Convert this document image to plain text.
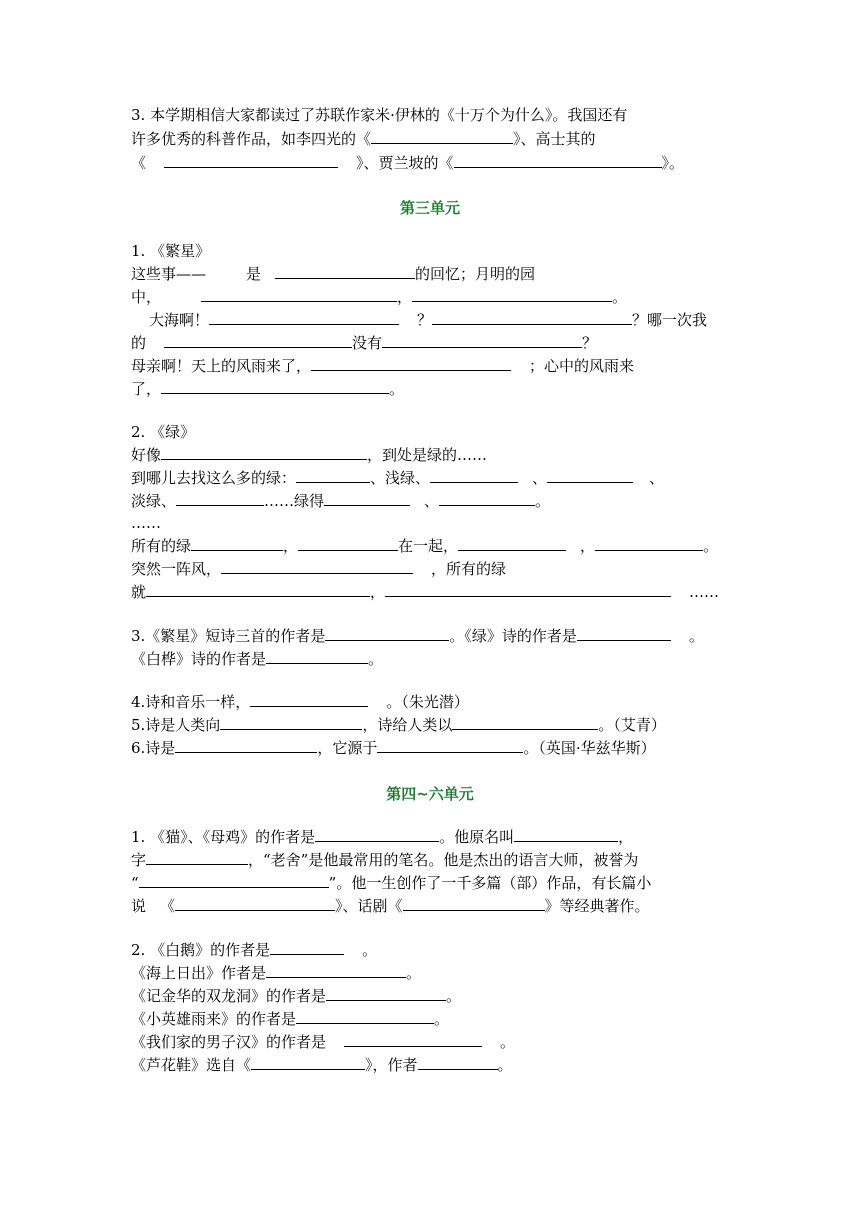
3. 本学期相信大家都读过了苏联作家米·伊林的《十万个为什么》。我国还有
许多优秀的科普作品，如李四光的《	》、高士其的
《	》、贾兰坡的《	》。
第三单元
1. 《繁星》
这些事——	是	的回忆；月明的园
中，	，	。
大海啊！	？	？哪一次我
的	没有	？
母亲啊！天上的风雨来了，	；心中的风雨来
了，	。
2. 《绿》
好像	，到处是绿的……
到哪儿去找这么多的绿：	、浅绿、	、	、
淡绿、	……绿得	、	。
……
所有的绿	，	在一起，	，	。
突然一阵风，	，所有的绿
就	，	……
3.《繁星》短诗三首的作者是	。《绿》诗的作者是	。
《白桦》诗的作者是	。
4.诗和音乐一样，	。（朱光潜）
5.诗是人类向	，诗给人类以	。（艾青）
6.诗是	，它源于	。（英国·华兹华斯）
第四~六单元
1. 《猫》、《母鸡》的作者是	。他原名叫	，
字	，“老舍”是他最常用的笔名。他是杰出的语言大师，被誉为
“	”。他一生创作了一千多篇（部）作品，有长篇小
说 《	》、话剧《	》等经典著作。
2. 《白鹅》的作者是	。
《海上日出》作者是	。
《记金华的双龙洞》的作者是	。
《小英雄雨来》的作者是	。
《我们家的男子汉》的作者是	。
《芦花鞋》选自《	》，作者	。
